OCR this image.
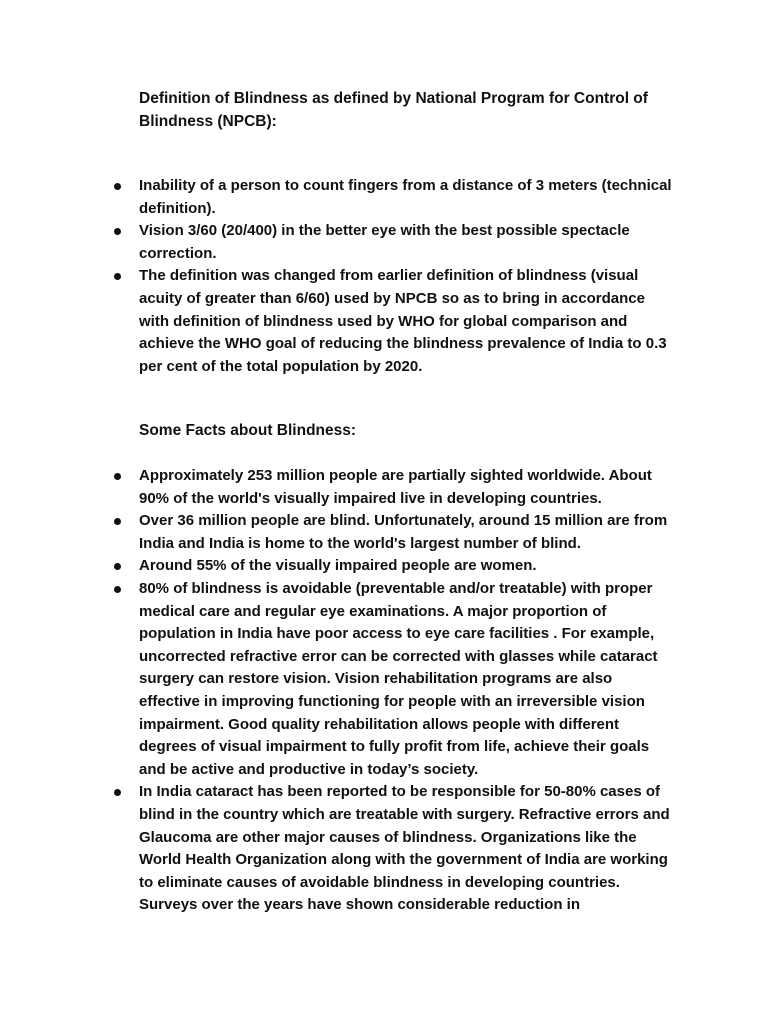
Definition of Blindness as defined by National Program for Control of Blindness (NPCB):
Inability of a person to count fingers from a distance of 3 meters (technical definition).
Vision 3/60 (20/400) in the better eye with the best possible spectacle correction.
The definition was changed from earlier definition of blindness (visual acuity of greater than 6/60) used by NPCB so as to bring in accordance with definition of blindness used by WHO for global comparison and achieve the WHO goal of reducing the blindness prevalence of India to 0.3 per cent of the total population by 2020.
Some Facts about Blindness:
Approximately 253 million people are partially sighted worldwide. About 90% of the world's visually impaired live in developing countries.
Over 36 million people are blind. Unfortunately, around 15 million are from India and India is home to the world's largest number of blind.
Around 55% of the visually impaired people are women.
80% of blindness is avoidable (preventable and/or treatable) with proper medical care and regular eye examinations. A major proportion of population in India have poor access to eye care facilities . For example, uncorrected refractive error can be corrected with glasses while cataract surgery can restore vision. Vision rehabilitation programs are also effective in improving functioning for people with an irreversible vision impairment. Good quality rehabilitation allows people with different degrees of visual impairment to fully profit from life, achieve their goals and be active and productive in today’s society.
In India cataract has been reported to be responsible for 50-80% cases of blind in the country which are treatable with surgery. Refractive errors and Glaucoma are other major causes of blindness. Organizations like the World Health Organization along with the government of India are working to eliminate causes of avoidable blindness in developing countries. Surveys over the years have shown considerable reduction in
